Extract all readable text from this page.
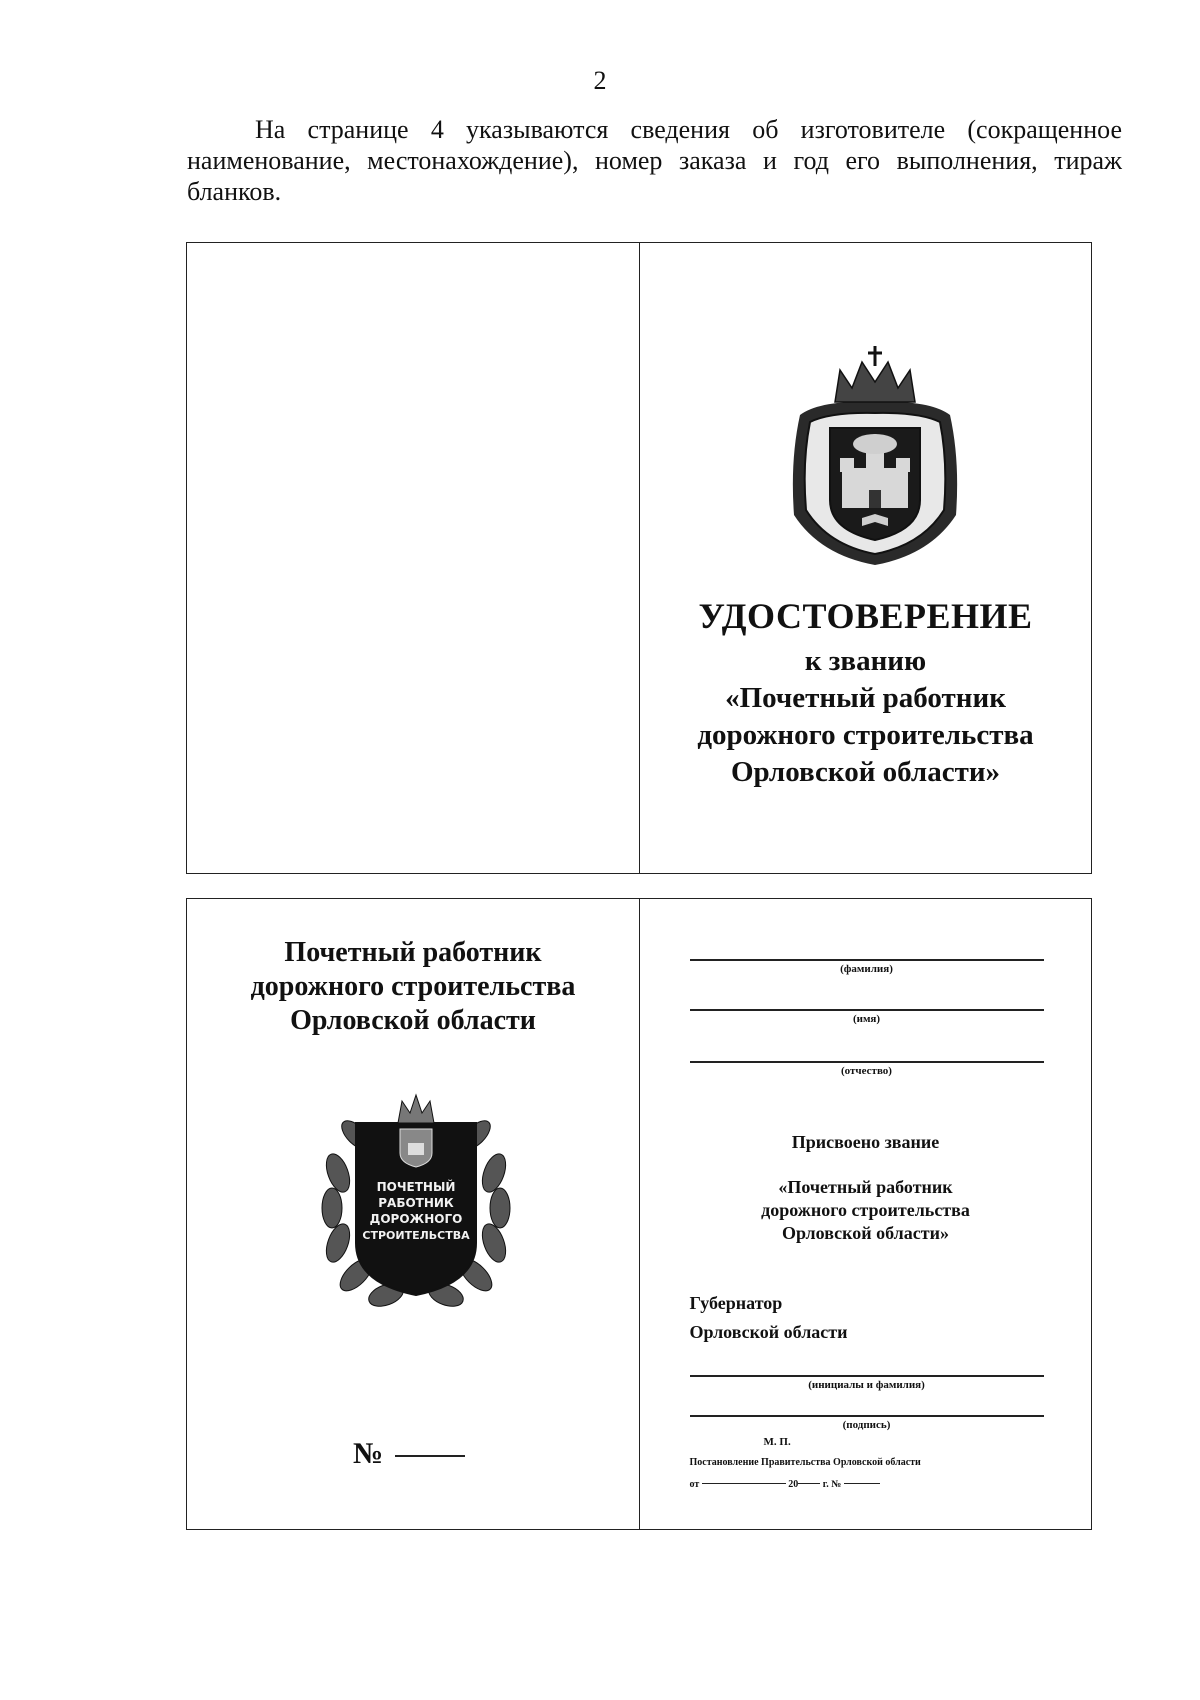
2
На странице 4 указываются сведения об изготовителе (сокращенное наименование, местонахождение), номер заказа и год его выполнения, тираж бланков.
УДОСТОВЕРЕНИЕ
к званию
«Почетный работник
дорожного строительства
Орловской области»
Почетный работник
дорожного строительства
Орловской области
ПОЧЕТНЫЙ
РАБОТНИК
ДОРОЖНОГО
СТРОИТЕЛЬСТВА
№
(фамилия)
(имя)
(отчество)
Присвоено звание
«Почетный работник
дорожного строительства
Орловской области»
Губернатор
Орловской области
(инициалы и фамилия)
(подпись)
М. П.
Постановление Правительства Орловской области
от	20 г. №
